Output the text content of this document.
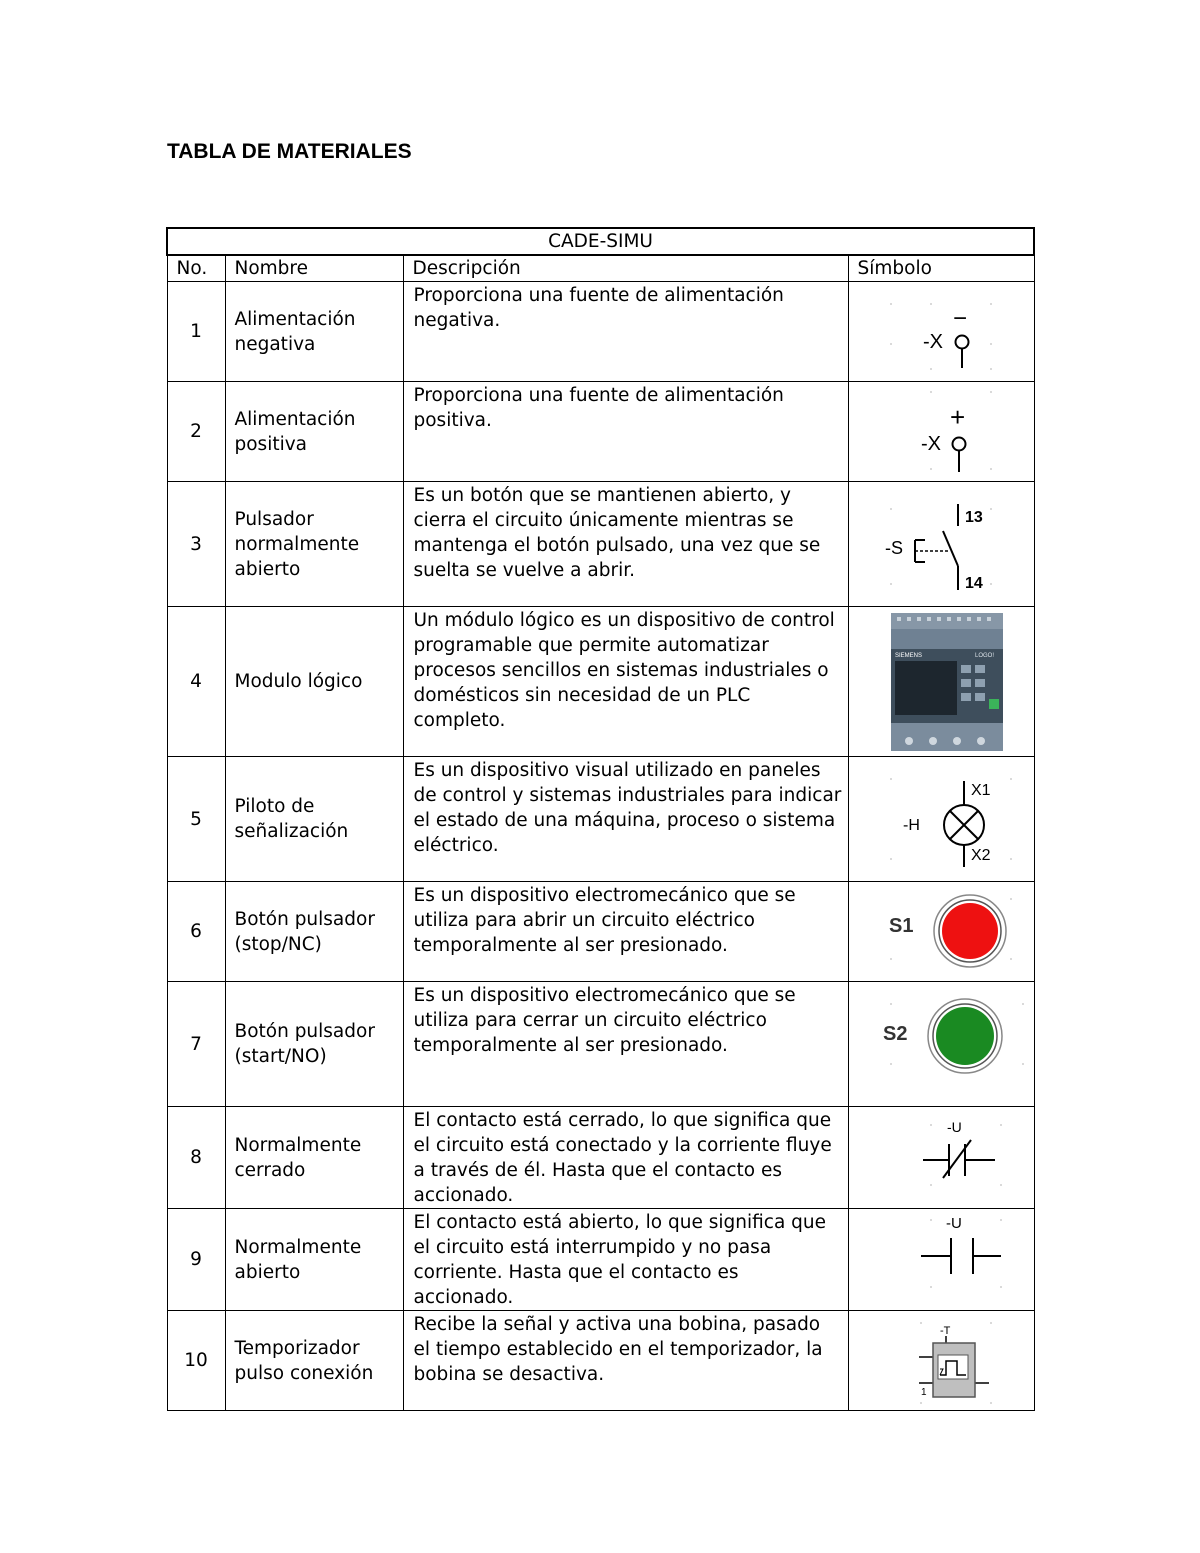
TABLA DE MATERIALES
CADE-SIMU			
No.	Nombre	Descripción	Símbolo
1	Alimentación negativa	Proporciona una fuente de alimentación negativa.	-X
−

2	Alimentación positiva	Proporciona una fuente de alimentación positiva.	-X
+

3	Pulsador normalmente abierto	Es un botón que se mantienen abierto, y cierra el circuito únicamente mientras se mantenga el botón pulsado, una vez que se suelta se vuelve a abrir.	-S
13
14

4	Modulo lógico	Un módulo lógico es un dispositivo de control programable que permite automatizar procesos sencillos en sistemas industriales o domésticos sin necesidad de un PLC completo.	SIEMENS LOGO!

5	Piloto de señalización	Es un dispositivo visual utilizado en paneles de control y sistemas industriales para indicar el estado de una máquina, proceso o sistema eléctrico.	-H
X1
X2

6	Botón pulsador (stop/NC)	Es un dispositivo electromecánico que se utiliza para abrir un circuito eléctrico temporalmente al ser presionado.	S1

7	Botón pulsador (start/NO)	Es un dispositivo electromecánico que se utiliza para cerrar un circuito eléctrico temporalmente al ser presionado.	S2

8	Normalmente cerrado	El contacto está cerrado, lo que significa que el circuito está conectado y la corriente fluye a través de él. Hasta que el contacto es accionado.	-U

9	Normalmente abierto	El contacto está abierto, lo que significa que el circuito está interrumpido y no pasa corriente. Hasta que el contacto es accionado.	-U

10	Temporizador pulso conexión	Recibe la señal y activa una bobina, pasado el tiempo establecido en el temporizador, la bobina se desactiva.	-T
1
